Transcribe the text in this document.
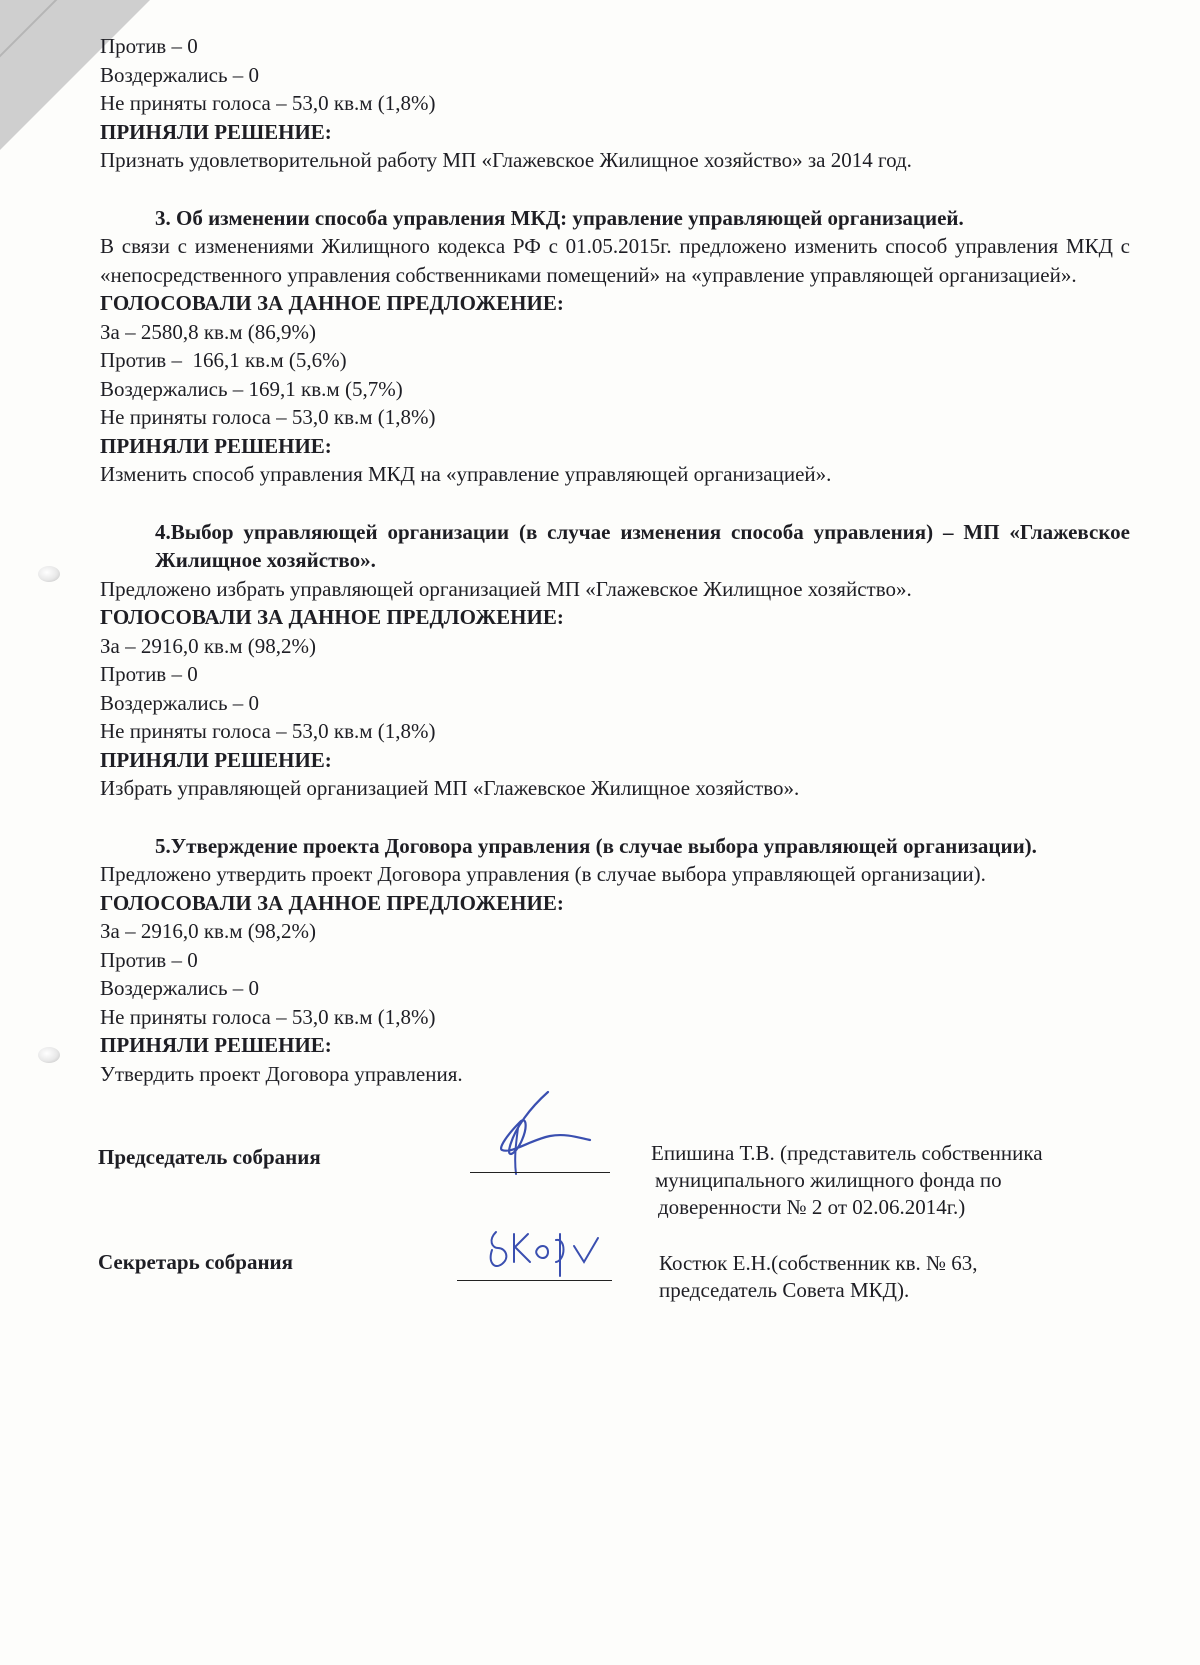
Против – 0

Воздержались – 0

Не приняты голоса – 53,0 кв.м (1,8%)

ПРИНЯЛИ РЕШЕНИЕ:

Признать удовлетворительной работу МП «Глажевское Жилищное хозяйство» за 2014 год.

3. Об изменении способа управления МКД: управление управляющей организацией.

В связи с изменениями Жилищного кодекса РФ с 01.05.2015г. предложено изменить способ управления МКД с «непосредственного управления собственниками помещений» на «управление управляющей организацией».

ГОЛОСОВАЛИ ЗА ДАННОЕ ПРЕДЛОЖЕНИЕ:

За – 2580,8 кв.м (86,9%)

Против –  166,1 кв.м (5,6%)

Воздержались – 169,1 кв.м (5,7%)

Не приняты голоса – 53,0 кв.м (1,8%)

ПРИНЯЛИ РЕШЕНИЕ:

Изменить способ управления МКД на «управление управляющей организацией».

4.Выбор управляющей организации (в случае изменения способа управления) – МП «Глажевское Жилищное хозяйство».

Предложено избрать управляющей организацией МП «Глажевское Жилищное хозяйство».

ГОЛОСОВАЛИ ЗА ДАННОЕ ПРЕДЛОЖЕНИЕ:

За – 2916,0 кв.м (98,2%)

Против – 0

Воздержались – 0

Не приняты голоса – 53,0 кв.м (1,8%)

ПРИНЯЛИ РЕШЕНИЕ:

Избрать управляющей организацией МП «Глажевское Жилищное хозяйство».

5.Утверждение проекта Договора управления (в случае выбора управляющей организации).

Предложено утвердить проект Договора управления (в случае выбора управляющей организации).

ГОЛОСОВАЛИ ЗА ДАННОЕ ПРЕДЛОЖЕНИЕ:

За – 2916,0 кв.м (98,2%)

Против – 0

Воздержались – 0

Не приняты голоса – 53,0 кв.м (1,8%)

ПРИНЯЛИ РЕШЕНИЕ:

Утвердить проект Договора управления.

Председатель собрания	Епишина Т.В. (представитель собственника
муниципального жилищного фонда по
доверенности № 2 от 02.06.2014г.)
Секретарь собрания	Костюк Е.Н.(собственник кв. № 63,
председатель Совета МКД).
